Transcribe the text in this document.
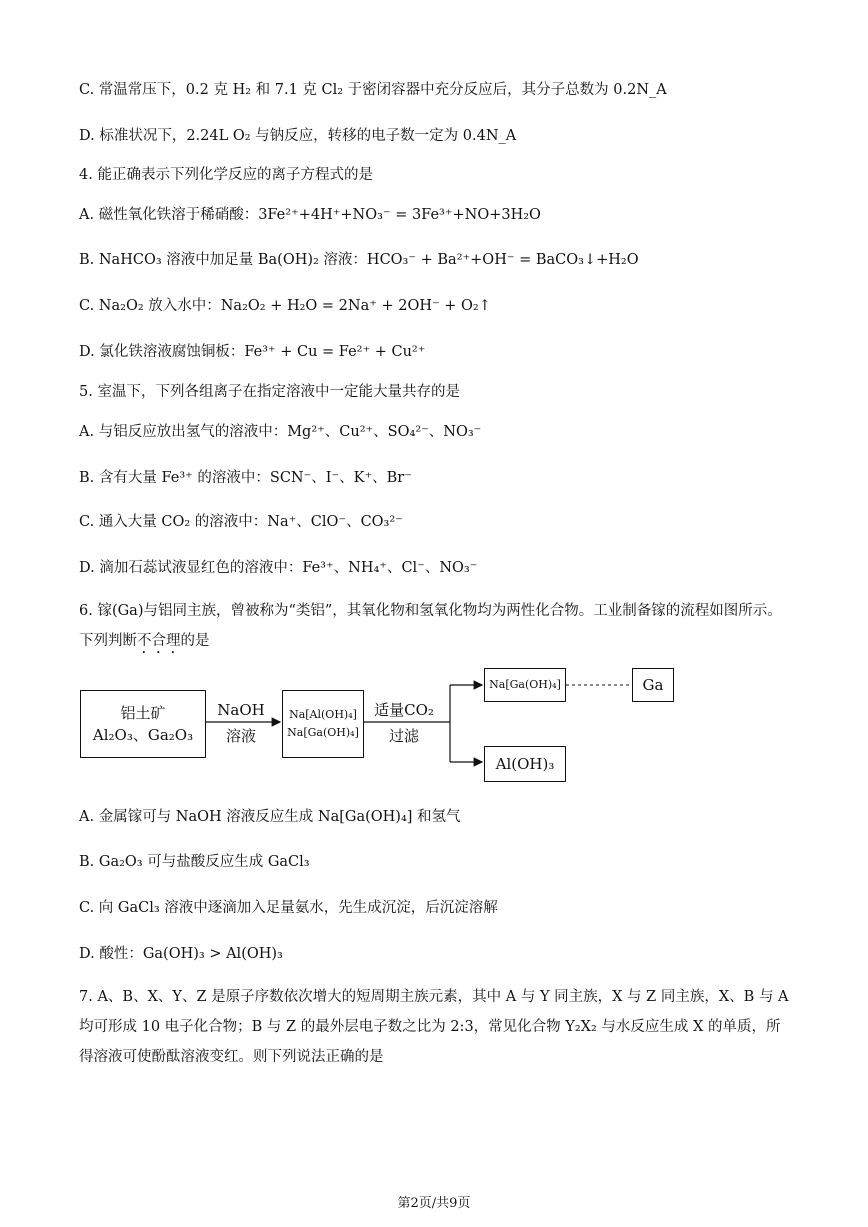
C. 常温常压下，0.2 克 H₂ 和 7.1 克 Cl₂ 于密闭容器中充分反应后，其分子总数为 0.2N_A
D. 标准状况下，2.24L O₂ 与钠反应，转移的电子数一定为 0.4N_A
4. 能正确表示下列化学反应的离子方程式的是
A. 磁性氧化铁溶于稀硝酸：3Fe²⁺+4H⁺+NO₃⁻ = 3Fe³⁺+NO+3H₂O
B. NaHCO₃ 溶液中加足量 Ba(OH)₂ 溶液：HCO₃⁻ + Ba²⁺+OH⁻ = BaCO₃↓+H₂O
C. Na₂O₂ 放入水中：Na₂O₂ + H₂O = 2Na⁺ + 2OH⁻ + O₂↑
D. 氯化铁溶液腐蚀铜板：Fe³⁺ + Cu = Fe²⁺ + Cu²⁺
5. 室温下，下列各组离子在指定溶液中一定能大量共存的是
A. 与铝反应放出氢气的溶液中：Mg²⁺、Cu²⁺、SO₄²⁻、NO₃⁻
B. 含有大量 Fe³⁺ 的溶液中：SCN⁻、I⁻、K⁺、Br⁻
C. 通入大量 CO₂ 的溶液中：Na⁺、ClO⁻、CO₃²⁻
D. 滴加石蕊试液显红色的溶液中：Fe³⁺、NH₄⁺、Cl⁻、NO₃⁻
6. 镓(Ga)与铝同主族，曾被称为“类铝”，其氧化物和氢氧化物均为两性化合物。工业制备镓的流程如图所示。下列判断不合理的是
铝土矿
Al₂O₃、Ga₂O₃
NaOH
溶液
Na[Al(OH)₄]
Na[Ga(OH)₄]
适量CO₂
过滤
Na[Ga(OH)₄]	Ga
Al(OH)₃
A. 金属镓可与 NaOH 溶液反应生成 Na[Ga(OH)₄] 和氢气
B. Ga₂O₃ 可与盐酸反应生成 GaCl₃
C. 向 GaCl₃ 溶液中逐滴加入足量氨水，先生成沉淀，后沉淀溶解
D. 酸性：Ga(OH)₃ > Al(OH)₃
7. A、B、X、Y、Z 是原子序数依次增大的短周期主族元素，其中 A 与 Y 同主族，X 与 Z 同主族，X、B 与 A 均可形成 10 电子化合物；B 与 Z 的最外层电子数之比为 2:3，常见化合物 Y₂X₂ 与水反应生成 X 的单质，所得溶液可使酚酞溶液变红。则下列说法正确的是
第2页/共9页
